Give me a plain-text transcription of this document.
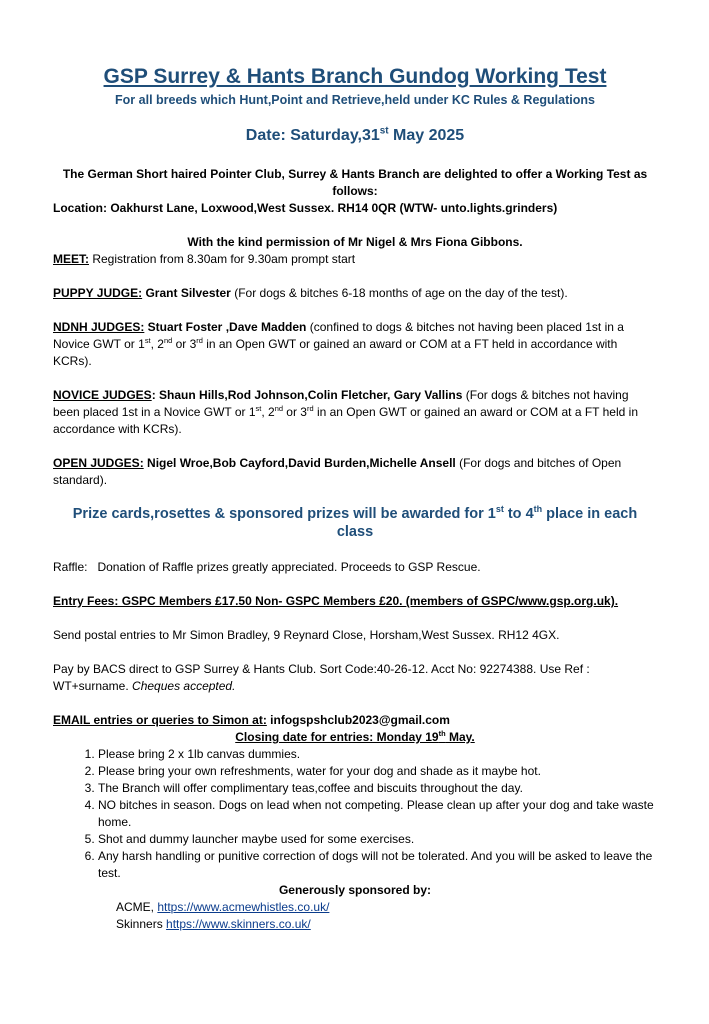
GSP Surrey & Hants Branch Gundog Working Test

For all breeds which Hunt,Point and Retrieve,held under KC Rules & Regulations

Date: Saturday,31st May 2025

The German Short haired Pointer Club, Surrey & Hants Branch are delighted to offer a Working Test as follows:
Location: Oakhurst Lane, Loxwood,West Sussex. RH14 0QR (WTW- unto.lights.grinders)
With the kind permission of Mr Nigel & Mrs Fiona Gibbons.

MEET: Registration from 8.30am for 9.30am prompt start

PUPPY JUDGE: Grant Silvester (For dogs & bitches 6-18 months of age on the day of the test).

NDNH JUDGES: Stuart Foster ,Dave Madden (confined to dogs & bitches not having been placed 1st in a Novice GWT or 1st, 2nd or 3rd in an Open GWT or gained an award or COM at a FT held in accordance with KCRs).

NOVICE JUDGES: Shaun Hills,Rod Johnson,Colin Fletcher, Gary Vallins (For dogs & bitches not having been placed 1st in a Novice GWT or 1st, 2nd or 3rd in an Open GWT or gained an award or COM at a FT held in accordance with KCRs).

OPEN JUDGES: Nigel Wroe,Bob Cayford,David Burden,Michelle Ansell (For dogs and bitches of Open standard).

Prize cards,rosettes & sponsored prizes will be awarded for 1st to 4th place in each class

Raffle:   Donation of Raffle prizes greatly appreciated. Proceeds to GSP Rescue.

Entry Fees: GSPC Members £17.50 Non- GSPC Members £20. (members of GSPC/www.gsp.org.uk).

Send postal entries to Mr Simon Bradley, 9 Reynard Close, Horsham,West Sussex. RH12 4GX.

Pay by BACS direct to GSP Surrey & Hants Club. Sort Code:40-26-12. Acct No: 92274388. Use Ref : WT+surname. Cheques accepted.

EMAIL entries or queries to Simon at: infogspshclub2023@gmail.com

Closing date for entries: Monday 19th May.

1. Please bring 2 x 1lb canvas dummies.
2. Please bring your own refreshments, water for your dog and shade as it maybe hot.
3. The Branch will offer complimentary teas,coffee and biscuits throughout the day.
4. NO bitches in season. Dogs on lead when not competing. Please clean up after your dog and take waste home.
5. Shot and dummy launcher maybe used for some exercises.
6. Any harsh handling or punitive correction of dogs will not be tolerated. And you will be asked to leave the test.

Generously sponsored by:

ACME, https://www.acmewhistles.co.uk/
Skinners https://www.skinners.co.uk/
